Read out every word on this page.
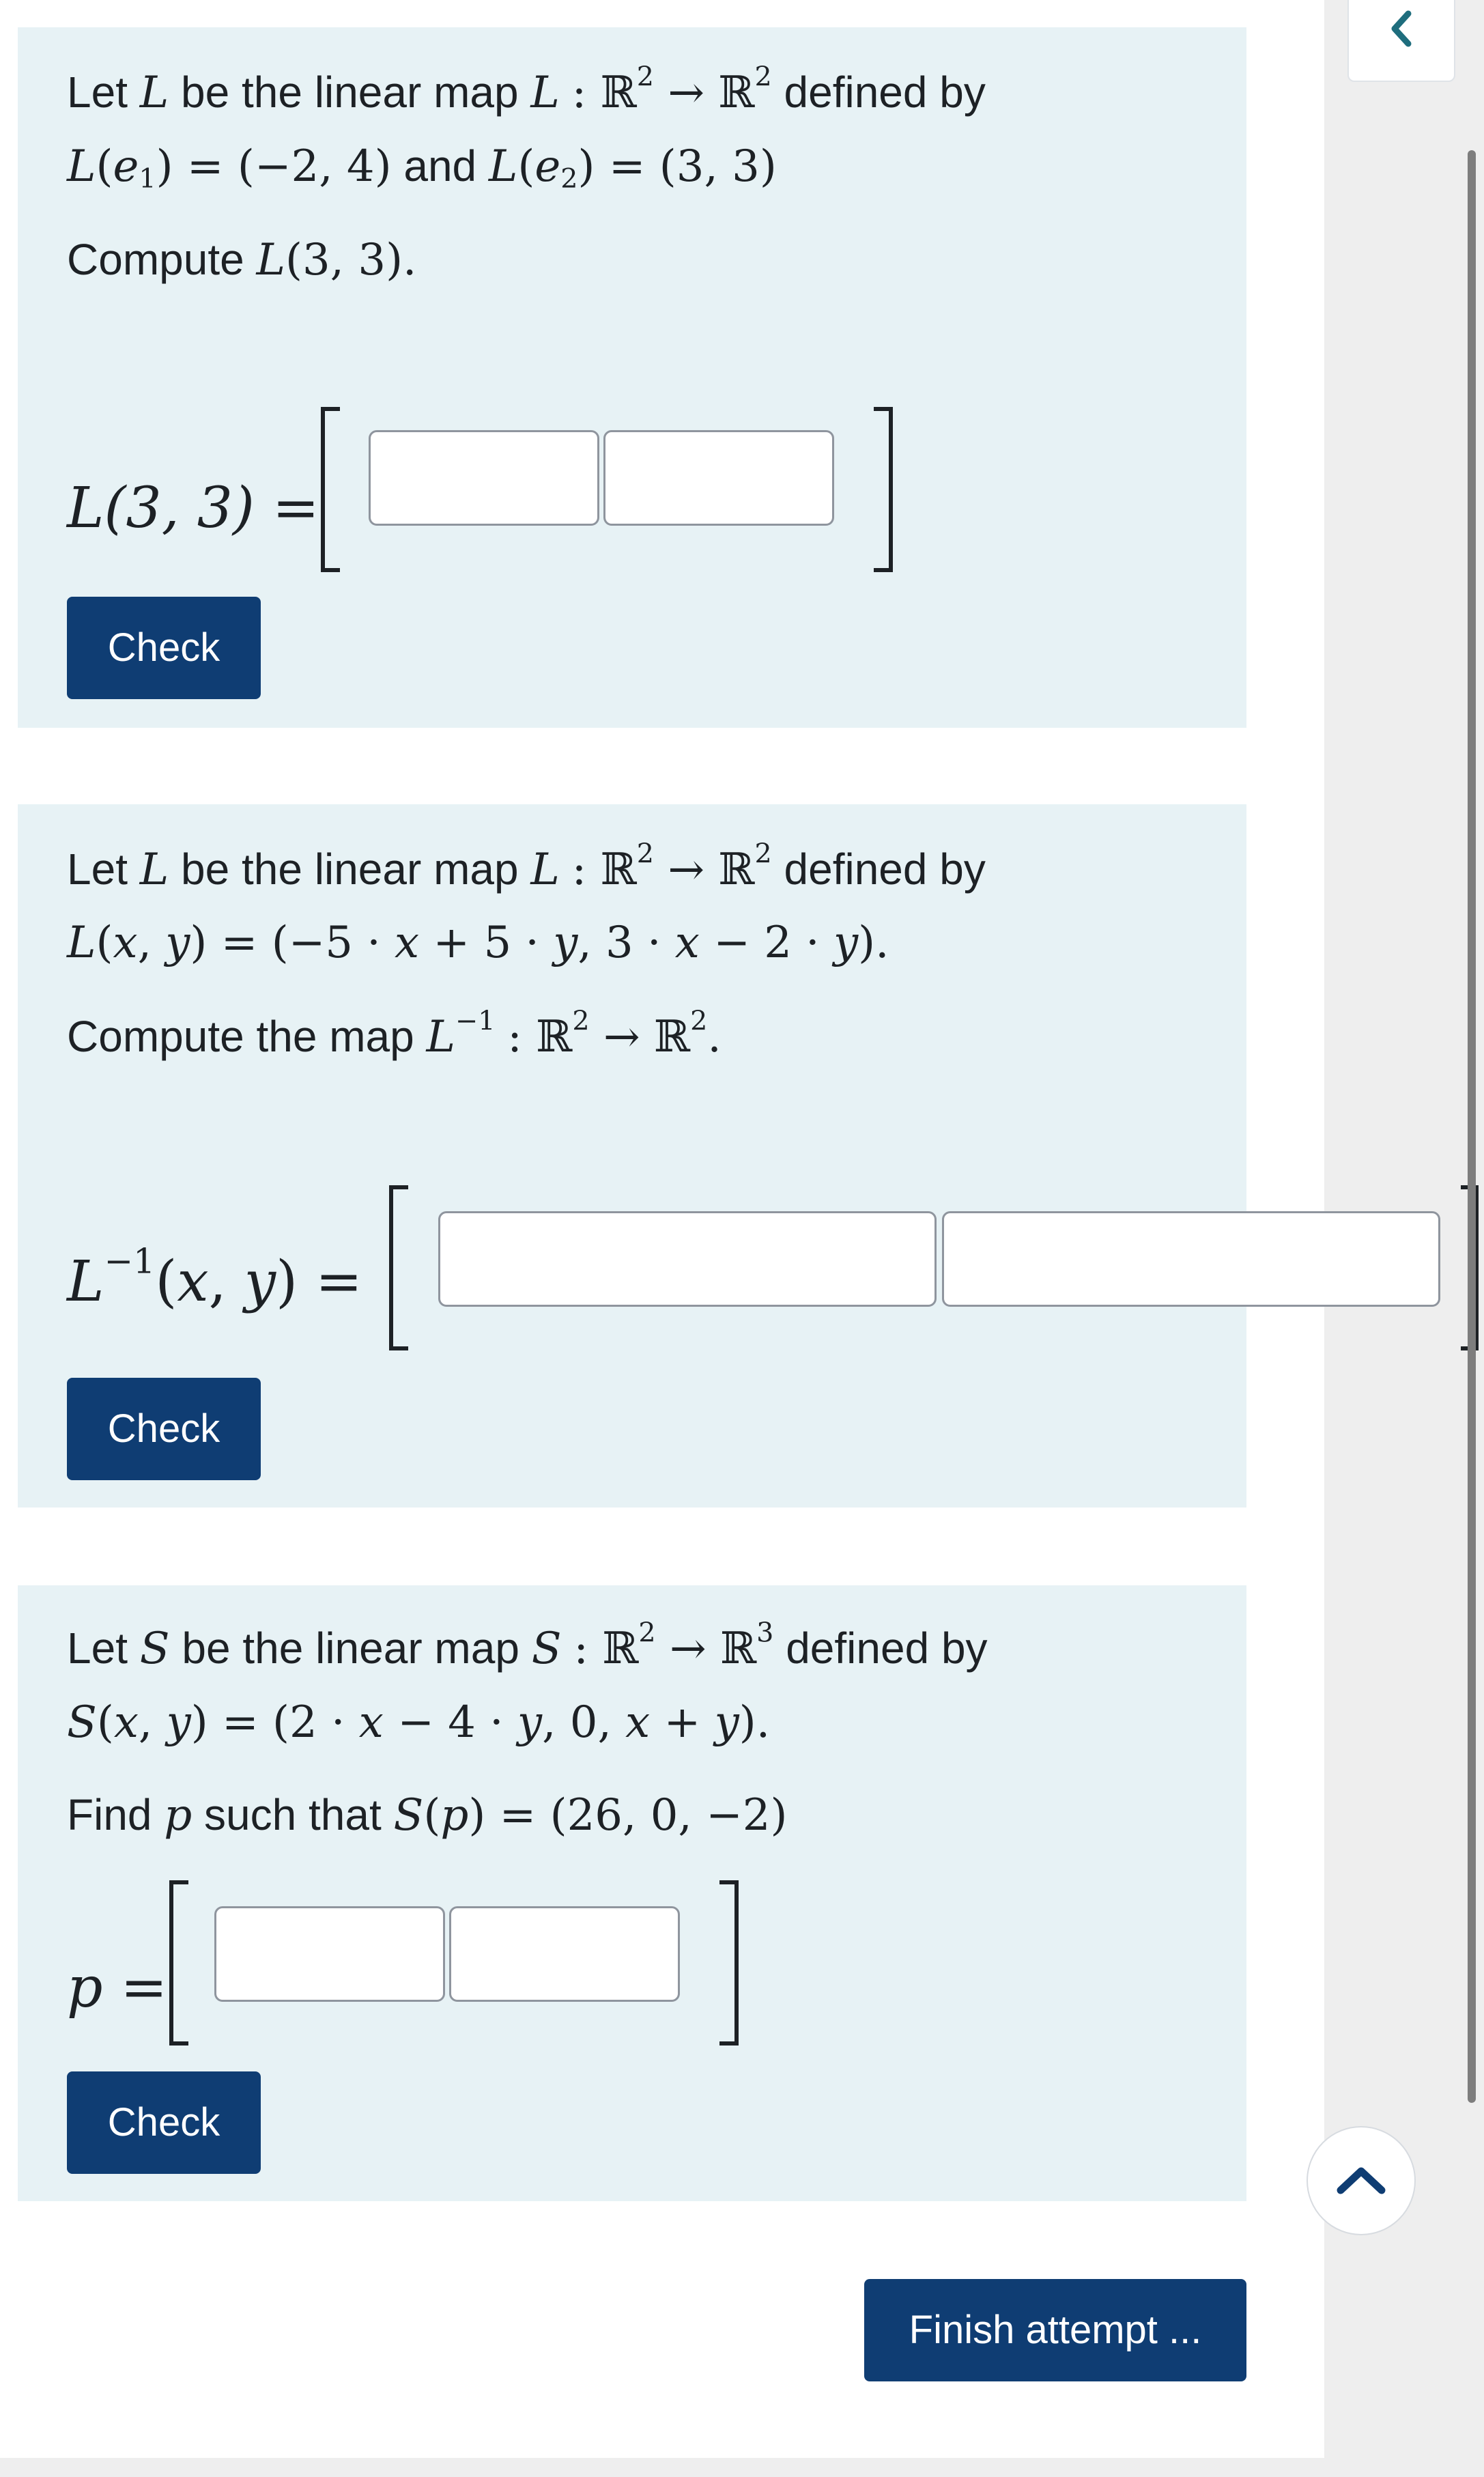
Let L be the linear map L : ℝ$^2$ → ℝ$^2$ defined by
$L(e_1) = (-2$, 4) and $L(e_2) = (3$, 3)
Compute L(3, 3).
L(3, 3) =
Check
Let L be the linear map L : ℝ$^2$ → ℝ$^2$ defined by
L(x, y) = (−5 · x + 5 · y, 3 · x − 2 · y).
Compute the map $L^{-1}$ : ℝ$^2$ → ℝ$^2$.
$L^{-1}(x$, y) =
Check
Let S be the linear map S : ℝ$^2$ → ℝ$^3$ defined by
S(x, y) = (2 · x − 4 · y, 0, x + y).
Find p such that S(p) = (26, 0, −2)
p =
Check
Finish attempt ...
